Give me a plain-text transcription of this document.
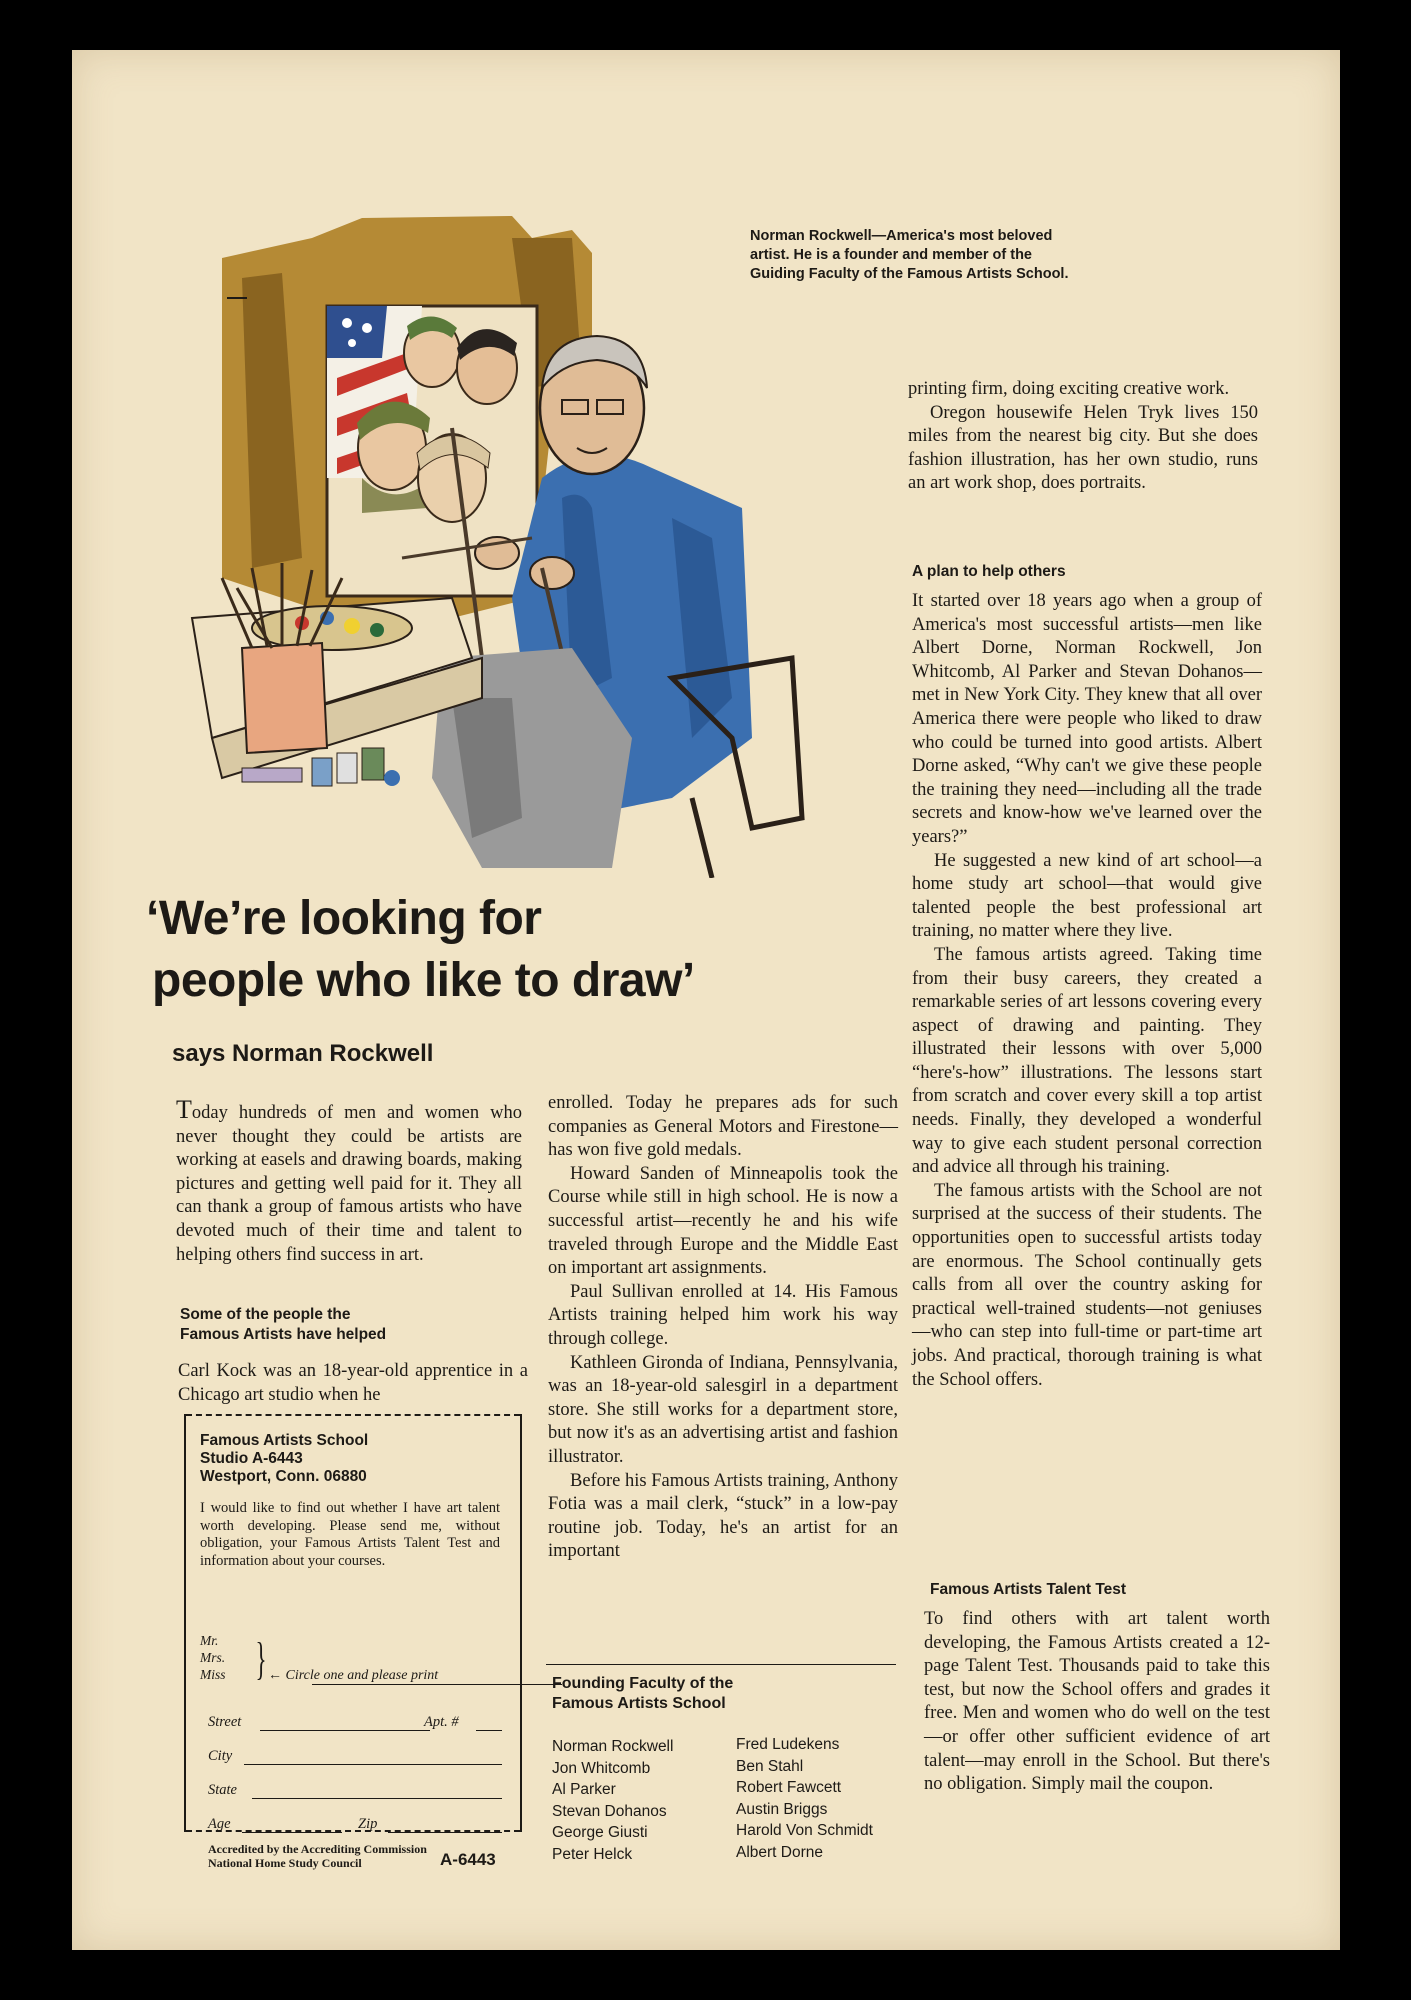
Norman Rockwell—America's most beloved artist. He is a founder and member of the Guiding Faculty of the Famous Artists School.
‘We’re looking for
people who like to draw’
says Norman Rockwell

Today hundreds of men and women who never thought they could be artists are working at easels and drawing boards, making pictures and getting well paid for it. They all can thank a group of famous artists who have devoted much of their time and talent to helping others find success in art.

Some of the people the
Famous Artists have helped

Carl Kock was an 18-year-old apprentice in a Chicago art studio when he

Famous Artists School
Studio A-6443
Westport, Conn. 06880
I would like to find out whether I have art talent worth developing. Please send me, without obligation, your Famous Artists Talent Test and information about your courses.
Mr.
Mrs.
Miss } ← Circle one and please print
Street	Apt. #
City
State
Age	Zip
Accredited by the Accrediting Commission National Home Study Council	A-6443

enrolled. Today he prepares ads for such companies as General Motors and Firestone—has won five gold medals.

Howard Sanden of Minneapolis took the Course while still in high school. He is now a successful artist—recently he and his wife traveled through Europe and the Middle East on important art assignments.

Paul Sullivan enrolled at 14. His Famous Artists training helped him work his way through college.

Kathleen Gironda of Indiana, Pennsylvania, was an 18-year-old salesgirl in a department store. She still works for a department store, but now it's as an advertising artist and fashion illustrator.

Before his Famous Artists training, Anthony Fotia was a mail clerk, “stuck” in a low-pay routine job. Today, he's an artist for an important

Founding Faculty of the
Famous Artists School
Norman Rockwell
Jon Whitcomb
Al Parker
Stevan Dohanos
George Giusti
Peter Helck
Fred Ludekens
Ben Stahl
Robert Fawcett
Austin Briggs
Harold Von Schmidt
Albert Dorne

printing firm, doing exciting creative work.

Oregon housewife Helen Tryk lives 150 miles from the nearest big city. But she does fashion illustration, has her own studio, runs an art work shop, does portraits.

A plan to help others

It started over 18 years ago when a group of America's most successful artists—men like Albert Dorne, Norman Rockwell, Jon Whitcomb, Al Parker and Stevan Dohanos—met in New York City. They knew that all over America there were people who liked to draw who could be turned into good artists. Albert Dorne asked, “Why can't we give these people the training they need—including all the trade secrets and know-how we've learned over the years?”

He suggested a new kind of art school—a home study art school—that would give talented people the best professional art training, no matter where they live.

The famous artists agreed. Taking time from their busy careers, they created a remarkable series of art lessons covering every aspect of drawing and painting. They illustrated their lessons with over 5,000 “here's-how” illustrations. The lessons start from scratch and cover every skill a top artist needs. Finally, they developed a wonderful way to give each student personal correction and advice all through his training.

The famous artists with the School are not surprised at the success of their students. The opportunities open to successful artists today are enormous. The School continually gets calls from all over the country asking for practical well-trained students—not geniuses—who can step into full-time or part-time art jobs. And practical, thorough training is what the School offers.

Famous Artists Talent Test

To find others with art talent worth developing, the Famous Artists created a 12-page Talent Test. Thousands paid to take this test, but now the School offers and grades it free. Men and women who do well on the test—or offer other sufficient evidence of art talent—may enroll in the School. But there's no obligation. Simply mail the coupon.
